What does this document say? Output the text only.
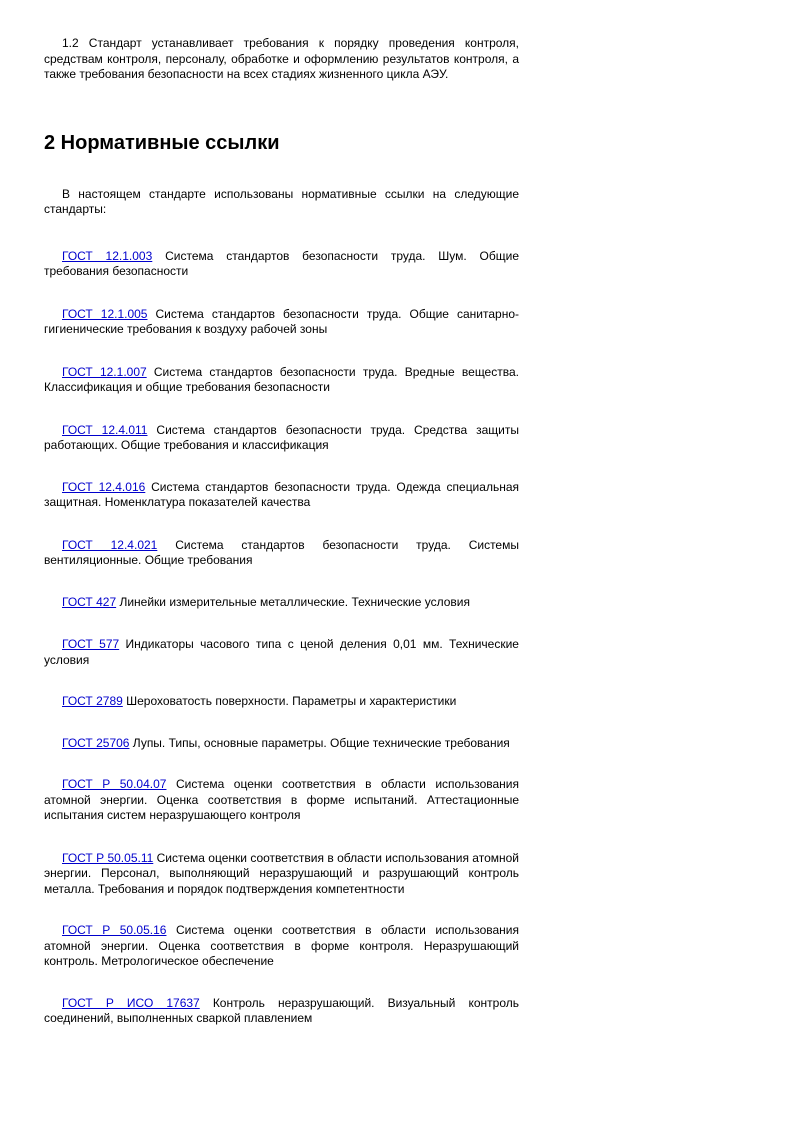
1.2 Стандарт устанавливает требования к порядку проведения контроля, средствам контроля, персоналу, обработке и оформлению результатов контроля, а также требования безопасности на всех стадиях жизненного цикла АЭУ.

2 Нормативные ссылки

В настоящем стандарте использованы нормативные ссылки на следующие стандарты:

ГОСТ 12.1.003 Система стандартов безопасности труда. Шум. Общие требования безопасности

ГОСТ 12.1.005 Система стандартов безопасности труда. Общие санитарно-гигиенические требования к воздуху рабочей зоны

ГОСТ 12.1.007 Система стандартов безопасности труда. Вредные вещества. Классификация и общие требования безопасности

ГОСТ 12.4.011 Система стандартов безопасности труда. Средства защиты работающих. Общие требования и классификация

ГОСТ 12.4.016 Система стандартов безопасности труда. Одежда специальная защитная. Номенклатура показателей качества

ГОСТ 12.4.021 Система стандартов безопасности труда. Системы вентиляционные. Общие требования

ГОСТ 427 Линейки измерительные металлические. Технические условия

ГОСТ 577 Индикаторы часового типа с ценой деления 0,01 мм. Технические условия

ГОСТ 2789 Шероховатость поверхности. Параметры и характеристики

ГОСТ 25706 Лупы. Типы, основные параметры. Общие технические требования

ГОСТ Р 50.04.07 Система оценки соответствия в области использования атомной энергии. Оценка соответствия в форме испытаний. Аттестационные испытания систем неразрушающего контроля

ГОСТ Р 50.05.11 Система оценки соответствия в области использования атомной энергии. Персонал, выполняющий неразрушающий и разрушающий контроль металла. Требования и порядок подтверждения компетентности

ГОСТ Р 50.05.16 Система оценки соответствия в области использования атомной энергии. Оценка соответствия в форме контроля. Неразрушающий контроль. Метрологическое обеспечение

ГОСТ Р ИСО 17637 Контроль неразрушающий. Визуальный контроль соединений, выполненных сваркой плавлением
